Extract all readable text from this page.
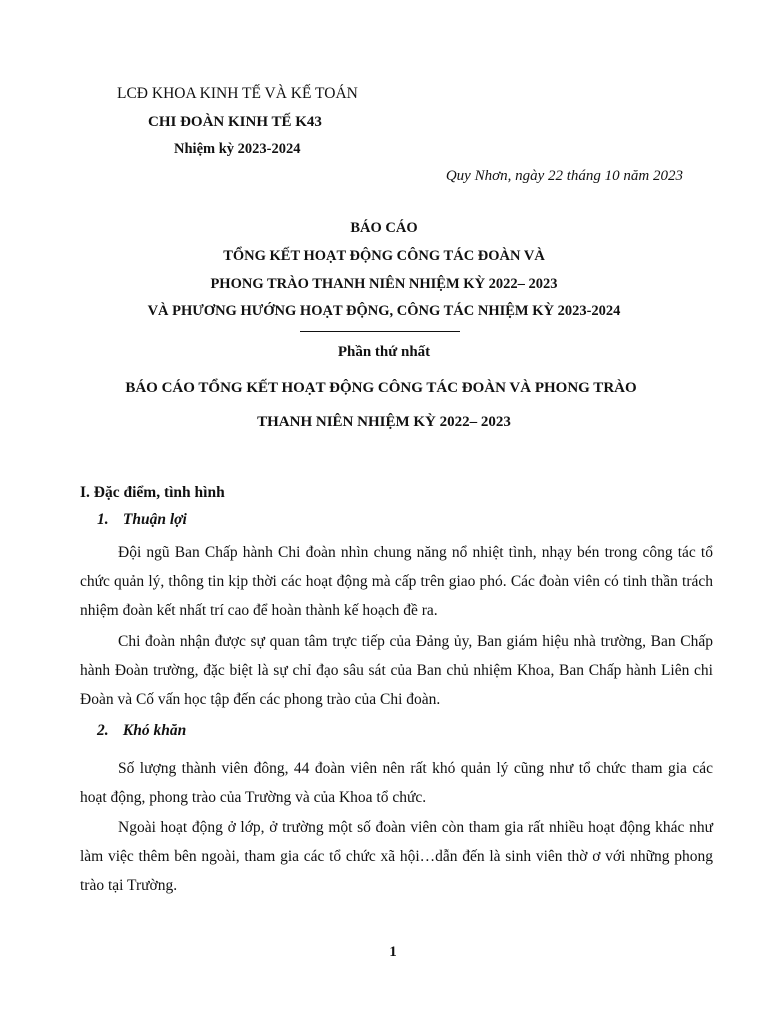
LCĐ KHOA KINH TẾ VÀ KẾ TOÁN
CHI ĐOÀN KINH TẾ K43
Nhiệm kỳ 2023-2024
Quy Nhơn, ngày 22 tháng 10 năm 2023
BÁO CÁO
TỔNG KẾT HOẠT ĐỘNG CÔNG TÁC ĐOÀN VÀ
PHONG TRÀO THANH NIÊN NHIỆM KỲ 2022– 2023
VÀ PHƯƠNG HƯỚNG HOẠT ĐỘNG, CÔNG TÁC NHIỆM KỲ 2023-2024
Phần thứ nhất
BÁO CÁO TỔNG KẾT HOẠT ĐỘNG CÔNG TÁC ĐOÀN VÀ PHONG TRÀO
THANH NIÊN NHIỆM KỲ 2022– 2023
I. Đặc điểm, tình hình
1. Thuận lợi

Đội ngũ Ban Chấp hành Chi đoàn nhìn chung năng nổ nhiệt tình, nhạy bén trong công tác tổ chức quản lý, thông tin kịp thời các hoạt động mà cấp trên giao phó. Các đoàn viên có tinh thần trách nhiệm đoàn kết nhất trí cao để hoàn thành kế hoạch đề ra.

Chi đoàn nhận được sự quan tâm trực tiếp của Đảng ủy, Ban giám hiệu nhà trường, Ban Chấp hành Đoàn trường, đặc biệt là sự chỉ đạo sâu sát của Ban chủ nhiệm Khoa, Ban Chấp hành Liên chi Đoàn và Cố vấn học tập đến các phong trào của Chi đoàn.

2. Khó khăn

Số lượng thành viên đông, 44 đoàn viên nên rất khó quản lý cũng như tổ chức tham gia các hoạt động, phong trào của Trường và của Khoa tổ chức.

Ngoài hoạt động ở lớp, ở trường một số đoàn viên còn tham gia rất nhiều hoạt động khác như làm việc thêm bên ngoài, tham gia các tổ chức xã hội…dẫn đến là sinh viên thờ ơ với những phong trào tại Trường.

1
